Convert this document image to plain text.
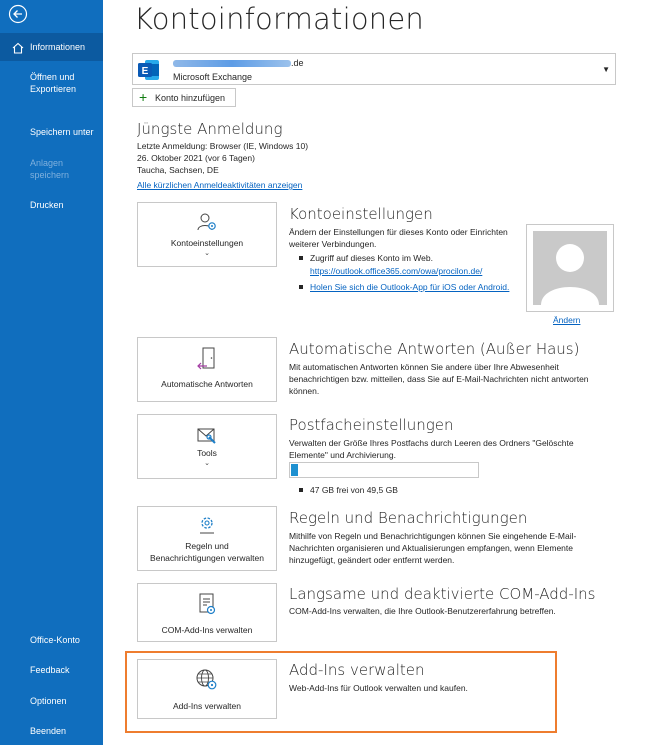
Informationen
Öffnen und Exportieren
Speichern unter
Anlagen speichern
Drucken
Office-Konto
Feedback
Optionen
Beenden
Kontoinformationen
E
.de
Microsoft Exchange
▼
+ Konto hinzufügen
Jüngste Anmeldung
Letzte Anmeldung: Browser (IE, Windows 10)
26. Oktober 2021 (vor 6 Tagen)
Taucha, Sachsen, DE
Alle kürzlichen Anmeldeaktivitäten anzeigen
Kontoeinstellungen
⌄
Kontoeinstellungen
Ändern der Einstellungen für dieses Konto oder Einrichten
weiterer Verbindungen.
Zugriff auf dieses Konto im Web.
https://outlook.office365.com/owa/procilon.de/
Holen Sie sich die Outlook-App für iOS oder Android.
Ändern
Automatische Antworten
Automatische Antworten (Außer Haus)
Mit automatischen Antworten können Sie andere über Ihre Abwesenheit
benachrichtigen bzw. mitteilen, dass Sie auf E-Mail-Nachrichten nicht antworten
können.
Tools
⌄
Postfacheinstellungen
Verwalten der Größe Ihres Postfachs durch Leeren des Ordners "Gelöschte
Elemente" und Archivierung.
47 GB frei von 49,5 GB
Regeln und
Benachrichtigungen verwalten
Regeln und Benachrichtigungen
Mithilfe von Regeln und Benachrichtigungen können Sie eingehende E-Mail-
Nachrichten organisieren und Aktualisierungen empfangen, wenn Elemente
hinzugefügt, geändert oder entfernt werden.
COM-Add-Ins verwalten
Langsame und deaktivierte COM-Add-Ins
COM-Add-Ins verwalten, die Ihre Outlook-Benutzererfahrung betreffen.
Add-Ins verwalten
Add-Ins verwalten
Web-Add-Ins für Outlook verwalten und kaufen.
